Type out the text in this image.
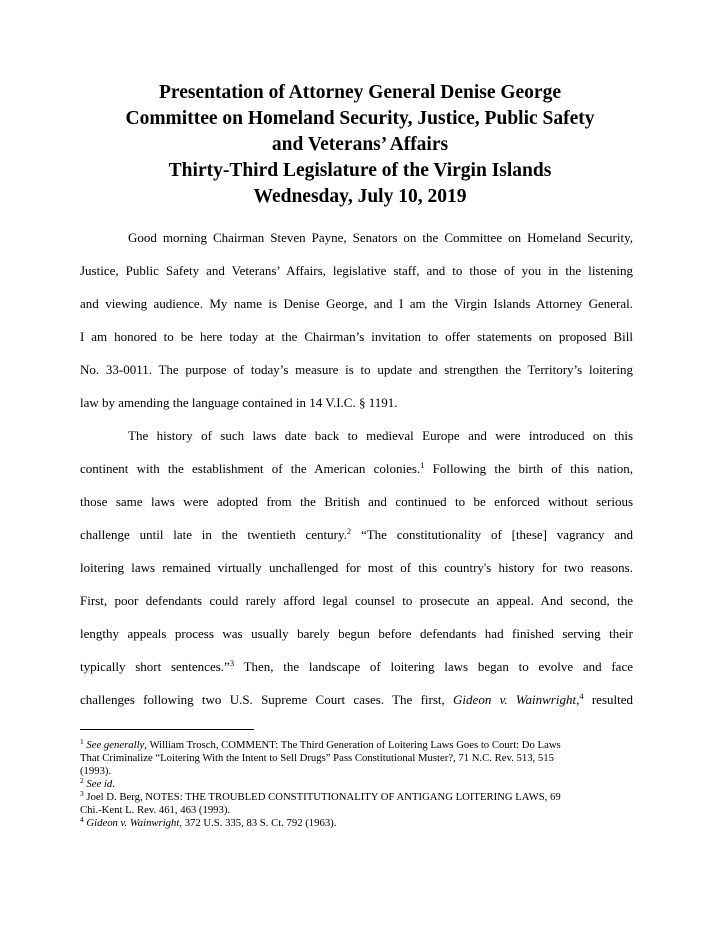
Presentation of Attorney General Denise George
Committee on Homeland Security, Justice, Public Safety
and Veterans’ Affairs
Thirty-Third Legislature of the Virgin Islands
Wednesday, July 10, 2019
Good morning Chairman Steven Payne, Senators on the Committee on Homeland Security,
Justice, Public Safety and Veterans’ Affairs, legislative staff, and to those of you in the listening
and viewing audience. My name is Denise George, and I am the Virgin Islands Attorney General.
I am honored to be here today at the Chairman’s invitation to offer statements on proposed Bill
No. 33-0011. The purpose of today’s measure is to update and strengthen the Territory’s loitering
law by amending the language contained in 14 V.I.C. § 1191.
The history of such laws date back to medieval Europe and were introduced on this
continent with the establishment of the American colonies.$^1$ Following the birth of this nation,
those same laws were adopted from the British and continued to be enforced without serious
challenge until late in the twentieth century.$^2$ “The constitutionality of [these] vagrancy and
loitering laws remained virtually unchallenged for most of this country's history for two reasons.
First, poor defendants could rarely afford legal counsel to prosecute an appeal. And second, the
lengthy appeals process was usually barely begun before defendants had finished serving their
typically short sentences.”$^3$ Then, the landscape of loitering laws began to evolve and face
challenges following two U.S. Supreme Court cases. The first, Gideon v. Wainwright,$^4$ resulted
$^1$ See generally, William Trosch, COMMENT: The Third Generation of Loitering Laws Goes to Court: Do Laws
That Criminalize “Loitering With the Intent to Sell Drugs” Pass Constitutional Muster?, 71 N.C. Rev. 513, 515
(1993).
$^2$ See id.
$^3$ Joel D. Berg, NOTES: THE TROUBLED CONSTITUTIONALITY OF ANTIGANG LOITERING LAWS, 69
Chi.-Kent L. Rev. 461, 463 (1993).
$^4$ Gideon v. Wainwright, 372 U.S. 335, 83 S. Ct. 792 (1963).
